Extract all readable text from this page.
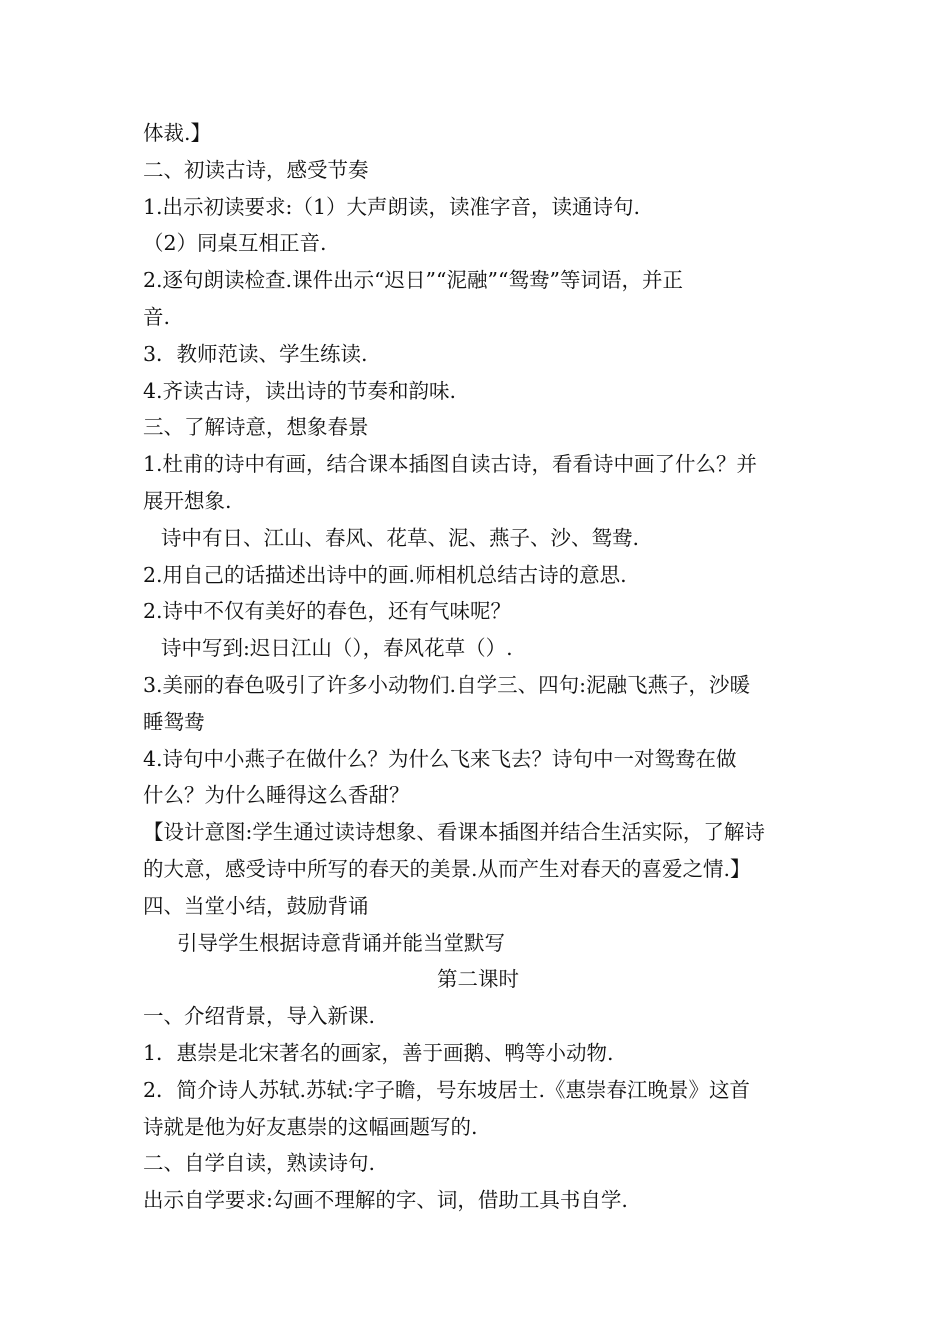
体裁.】
二、初读古诗，感受节奏
1.出示初读要求:（1）大声朗读，读准字音，读通诗句.
（2）同桌互相正音.
2.逐句朗读检查.课件出示“迟日”“泥融”“鸳鸯”等词语，并正
音.
3．教师范读、学生练读.
4.齐读古诗，读出诗的节奏和韵味.
三、了解诗意，想象春景
1.杜甫的诗中有画，结合课本插图自读古诗，看看诗中画了什么？并
展开想象.
诗中有日、江山、春风、花草、泥、燕子、沙、鸳鸯.
2.用自己的话描述出诗中的画.师相机总结古诗的意思.
2.诗中不仅有美好的春色，还有气味呢？
诗中写到:迟日江山（），春风花草（）.
3.美丽的春色吸引了许多小动物们.自学三、四句:泥融飞燕子，沙暖
睡鸳鸯
4.诗句中小燕子在做什么？为什么飞来飞去？诗句中一对鸳鸯在做
什么？为什么睡得这么香甜？
【设计意图:学生通过读诗想象、看课本插图并结合生活实际，了解诗
的大意，感受诗中所写的春天的美景.从而产生对春天的喜爱之情.】
四、当堂小结，鼓励背诵
引导学生根据诗意背诵并能当堂默写
第二课时
一、介绍背景，导入新课.
1．惠崇是北宋著名的画家，善于画鹅、鸭等小动物.
2．简介诗人苏轼.苏轼:字子瞻，号东坡居士.《惠崇春江晚景》这首
诗就是他为好友惠崇的这幅画题写的.
二、自学自读，熟读诗句.
出示自学要求:勾画不理解的字、词，借助工具书自学.
